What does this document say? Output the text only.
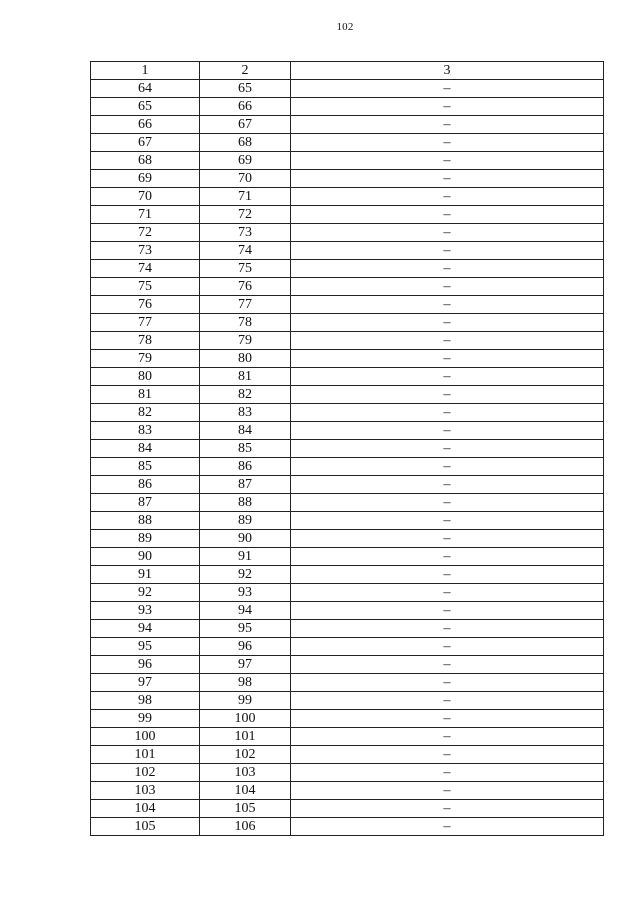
102
1	2	3
64	65	–
65	66	–
66	67	–
67	68	–
68	69	–
69	70	–
70	71	–
71	72	–
72	73	–
73	74	–
74	75	–
75	76	–
76	77	–
77	78	–
78	79	–
79	80	–
80	81	–
81	82	–
82	83	–
83	84	–
84	85	–
85	86	–
86	87	–
87	88	–
88	89	–
89	90	–
90	91	–
91	92	–
92	93	–
93	94	–
94	95	–
95	96	–
96	97	–
97	98	–
98	99	–
99	100	–
100	101	–
101	102	–
102	103	–
103	104	–
104	105	–
105	106	–
